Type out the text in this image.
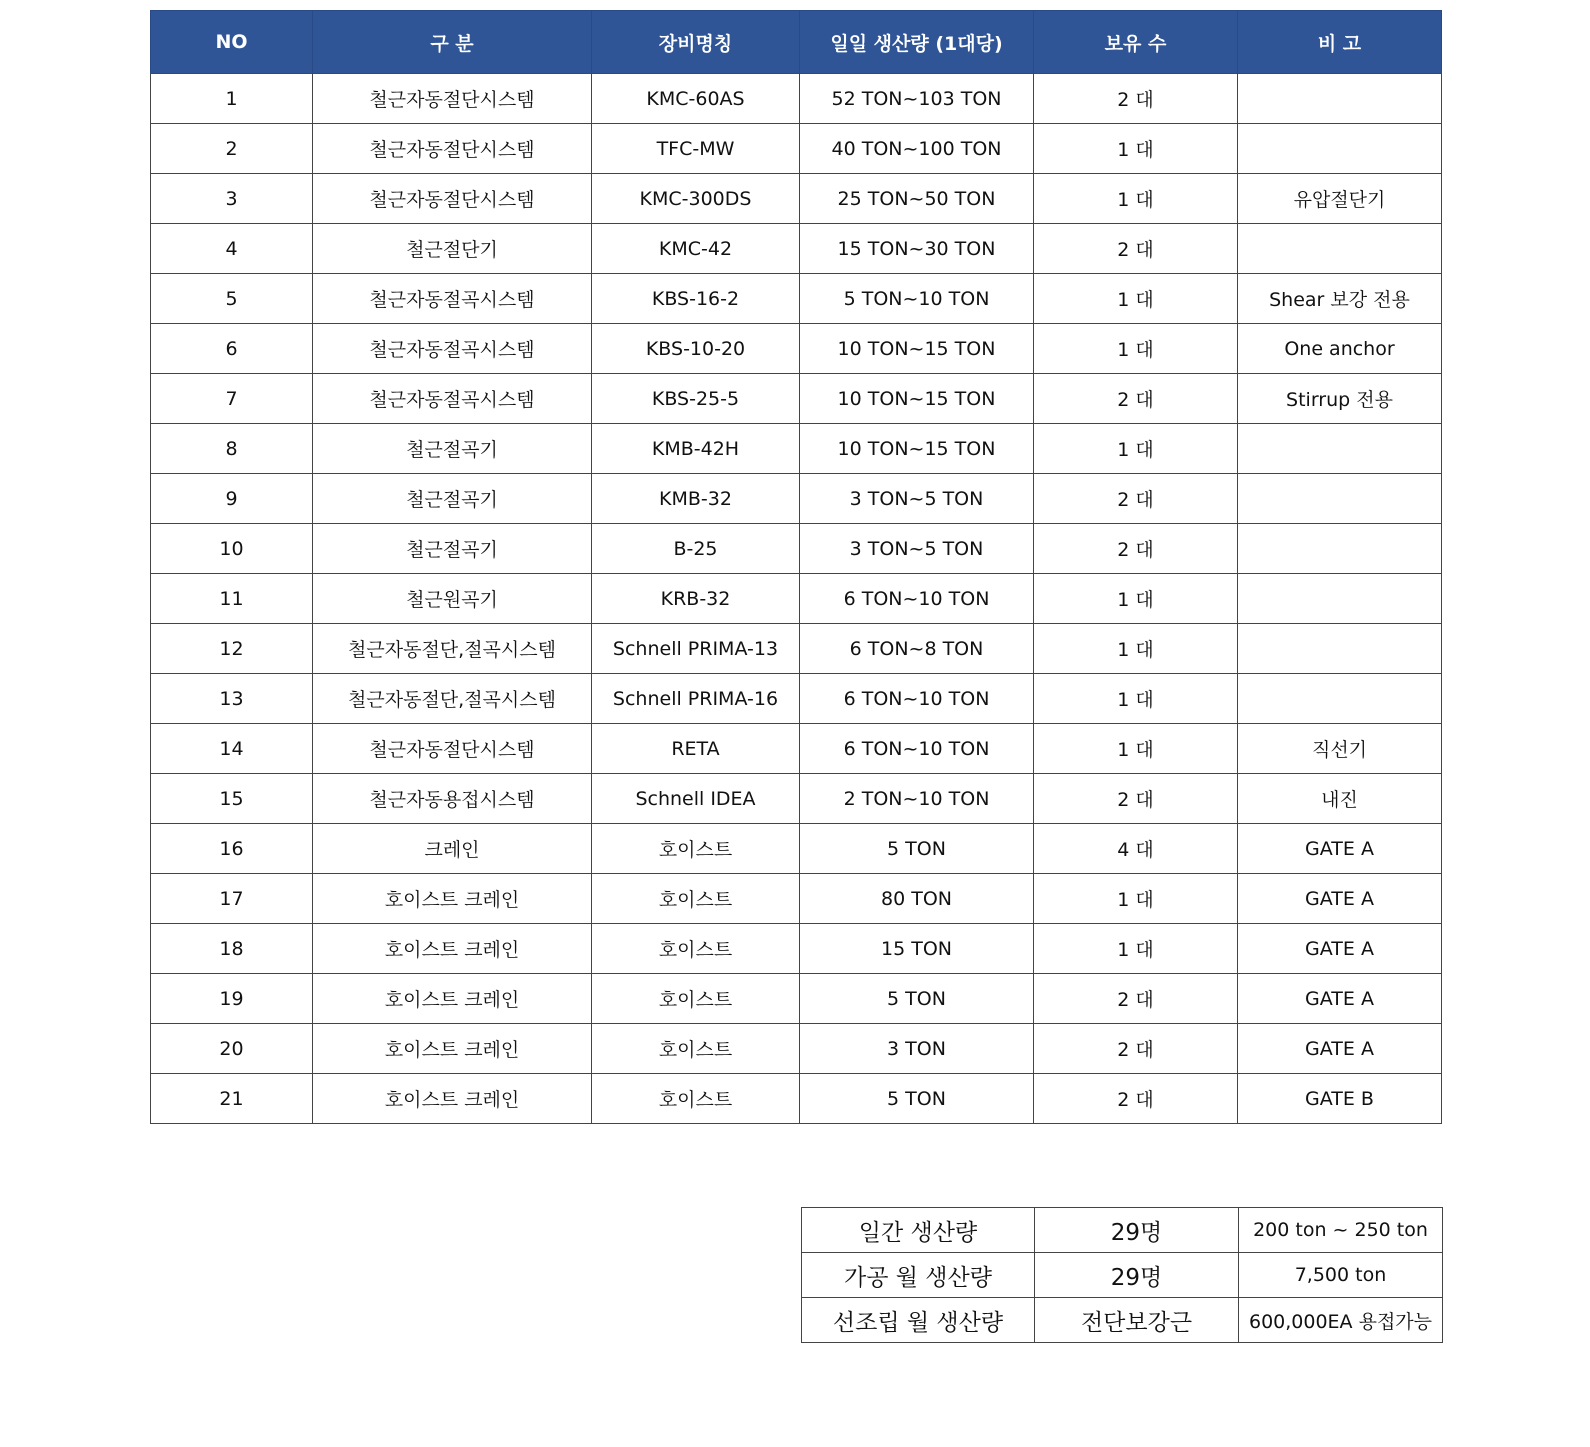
NO	구 분	장비명칭	일일 생산량 (1대당)	보유 수	비 고
1	철근자동절단시스템	KMC-60AS	52 TON~103 TON	2 대	
2	철근자동절단시스템	TFC-MW	40 TON~100 TON	1 대	
3	철근자동절단시스템	KMC-300DS	25 TON~50 TON	1 대	유압절단기
4	철근절단기	KMC-42	15 TON~30 TON	2 대	
5	철근자동절곡시스템	KBS-16-2	5 TON~10 TON	1 대	Shear 보강 전용
6	철근자동절곡시스템	KBS-10-20	10 TON~15 TON	1 대	One anchor
7	철근자동절곡시스템	KBS-25-5	10 TON~15 TON	2 대	Stirrup 전용
8	철근절곡기	KMB-42H	10 TON~15 TON	1 대	
9	철근절곡기	KMB-32	3 TON~5 TON	2 대	
10	철근절곡기	B-25	3 TON~5 TON	2 대	
11	철근원곡기	KRB-32	6 TON~10 TON	1 대	
12	철근자동절단,절곡시스템	Schnell PRIMA-13	6 TON~8 TON	1 대	
13	철근자동절단,절곡시스템	Schnell PRIMA-16	6 TON~10 TON	1 대	
14	철근자동절단시스템	RETA	6 TON~10 TON	1 대	직선기
15	철근자동용접시스템	Schnell IDEA	2 TON~10 TON	2 대	내진
16	크레인	호이스트	5 TON	4 대	GATE A
17	호이스트 크레인	호이스트	80 TON	1 대	GATE A
18	호이스트 크레인	호이스트	15 TON	1 대	GATE A
19	호이스트 크레인	호이스트	5 TON	2 대	GATE A
20	호이스트 크레인	호이스트	3 TON	2 대	GATE A
21	호이스트 크레인	호이스트	5 TON	2 대	GATE B
일간 생산량	29명	200 ton ~ 250 ton
가공 월 생산량	29명	7,500 ton
선조립 월 생산량	전단보강근	600,000EA 용접가능
